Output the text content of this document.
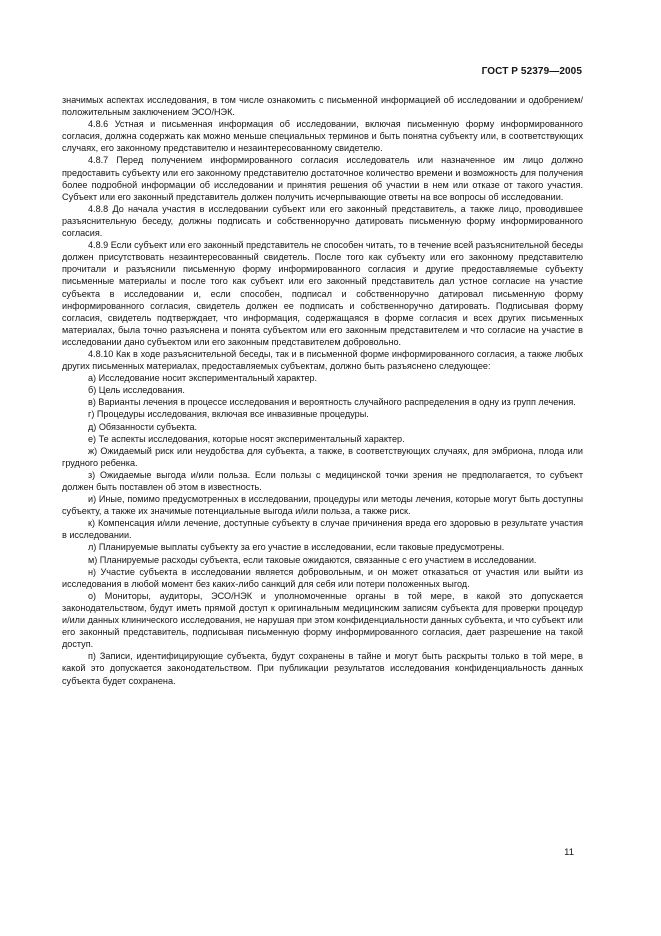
ГОСТ Р 52379—2005

значимых аспектах исследования, в том числе ознакомить с письменной информацией об исследовании и одобрением/положительным заключением ЭСО/НЭК.

4.8.6 Устная и письменная информация об исследовании, включая письменную форму информированного согласия, должна содержать как можно меньше специальных терминов и быть понятна субъекту или, в соответствующих случаях, его законному представителю и незаинтересованному свидетелю.

4.8.7 Перед получением информированного согласия исследователь или назначенное им лицо должно предоставить субъекту или его законному представителю достаточное количество времени и возможность для получения более подробной информации об исследовании и принятия решения об участии в нем или отказе от такого участия. Субъект или его законный представитель должен получить исчерпывающие ответы на все вопросы об исследовании.

4.8.8 До начала участия в исследовании субъект или его законный представитель, а также лицо, проводившее разъяснительную беседу, должны подписать и собственноручно датировать письменную форму информированного согласия.

4.8.9 Если субъект или его законный представитель не способен читать, то в течение всей разъяснительной беседы должен присутствовать незаинтересованный свидетель. После того как субъекту или его законному представителю прочитали и разъяснили письменную форму информированного согласия и другие предоставляемые субъекту письменные материалы и после того как субъект или его законный представитель дал устное согласие на участие субъекта в исследовании и, если способен, подписал и собственноручно датировал письменную форму информированного согласия, свидетель должен ее подписать и собственноручно датировать. Подписывая форму согласия, свидетель подтверждает, что информация, содержащаяся в форме согласия и всех других письменных материалах, была точно разъяснена и понята субъектом или его законным представителем и что согласие на участие в исследовании дано субъектом или его законным представителем добровольно.

4.8.10 Как в ходе разъяснительной беседы, так и в письменной форме информированного согласия, а также любых других письменных материалах, предоставляемых субъектам, должно быть разъяснено следующее:

а) Исследование носит экспериментальный характер.

б) Цель исследования.

в) Варианты лечения в процессе исследования и вероятность случайного распределения в одну из групп лечения.

г) Процедуры исследования, включая все инвазивные процедуры.

д) Обязанности субъекта.

е) Те аспекты исследования, которые носят экспериментальный характер.

ж) Ожидаемый риск или неудобства для субъекта, а также, в соответствующих случаях, для эмбриона, плода или грудного ребенка.

з) Ожидаемые выгода и/или польза. Если пользы с медицинской точки зрения не предполагается, то субъект должен быть поставлен об этом в известность.

и) Иные, помимо предусмотренных в исследовании, процедуры или методы лечения, которые могут быть доступны субъекту, а также их значимые потенциальные выгода и/или польза, а также риск.

к) Компенсация и/или лечение, доступные субъекту в случае причинения вреда его здоровью в результате участия в исследовании.

л) Планируемые выплаты субъекту за его участие в исследовании, если таковые предусмотрены.

м) Планируемые расходы субъекта, если таковые ожидаются, связанные с его участием в исследовании.

н) Участие субъекта в исследовании является добровольным, и он может отказаться от участия или выйти из исследования в любой момент без каких-либо санкций для себя или потери положенных выгод.

о) Мониторы, аудиторы, ЭСО/НЭК и уполномоченные органы в той мере, в какой это допускается законодательством, будут иметь прямой доступ к оригинальным медицинским записям субъекта для проверки процедур и/или данных клинического исследования, не нарушая при этом конфиденциальности данных субъекта, и что субъект или его законный представитель, подписывая письменную форму информированного согласия, дает разрешение на такой доступ.

п) Записи, идентифицирующие субъекта, будут сохранены в тайне и могут быть раскрыты только в той мере, в какой это допускается законодательством. При публикации результатов исследования конфиденциальность данных субъекта будет сохранена.

11
